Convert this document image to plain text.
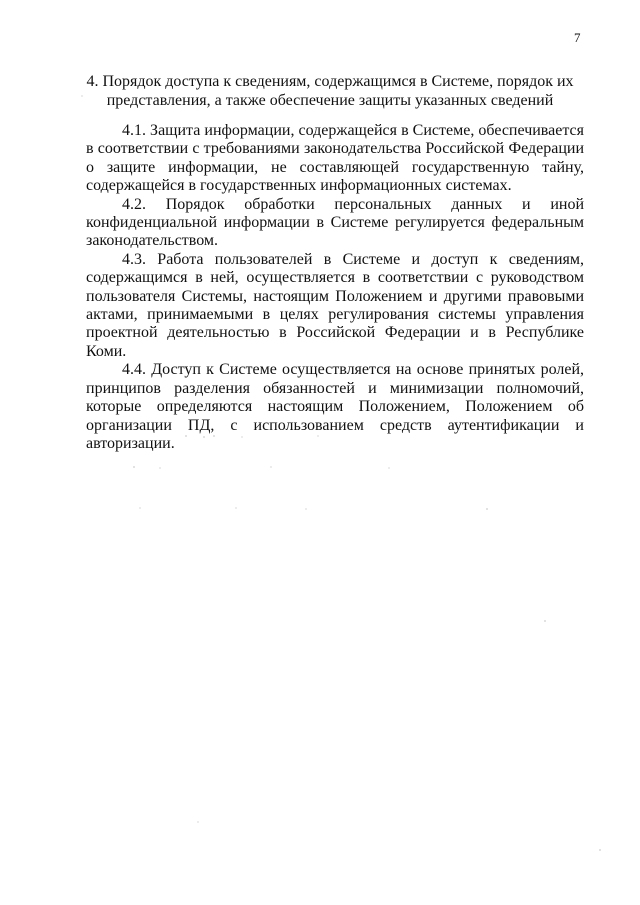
7
4. Порядок доступа к сведениям, содержащимся в Системе, порядок их
представления, а также обеспечение защиты указанных сведений

4.1. Защита информации, содержащейся в Системе, обеспечивается в соответствии с требованиями законодательства Российской Федерации о защите информации, не составляющей государственную тайну, содержащейся в государственных информационных системах.

4.2. Порядок обработки персональных данных и иной конфиденциальной информации в Системе регулируется федеральным законодательством.

4.3. Работа пользователей в Системе и доступ к сведениям, содержащимся в ней, осуществляется в соответствии с руководством пользователя Системы, настоящим Положением и другими правовыми актами, принимаемыми в целях регулирования системы управления проектной деятельностью в Российской Федерации и в Республике Коми.

4.4. Доступ к Системе осуществляется на основе принятых ролей, принципов разделения обязанностей и минимизации полномочий, которые определяются настоящим Положением, Положением об организации ПД, с использованием средств аутентификации и авторизации.
